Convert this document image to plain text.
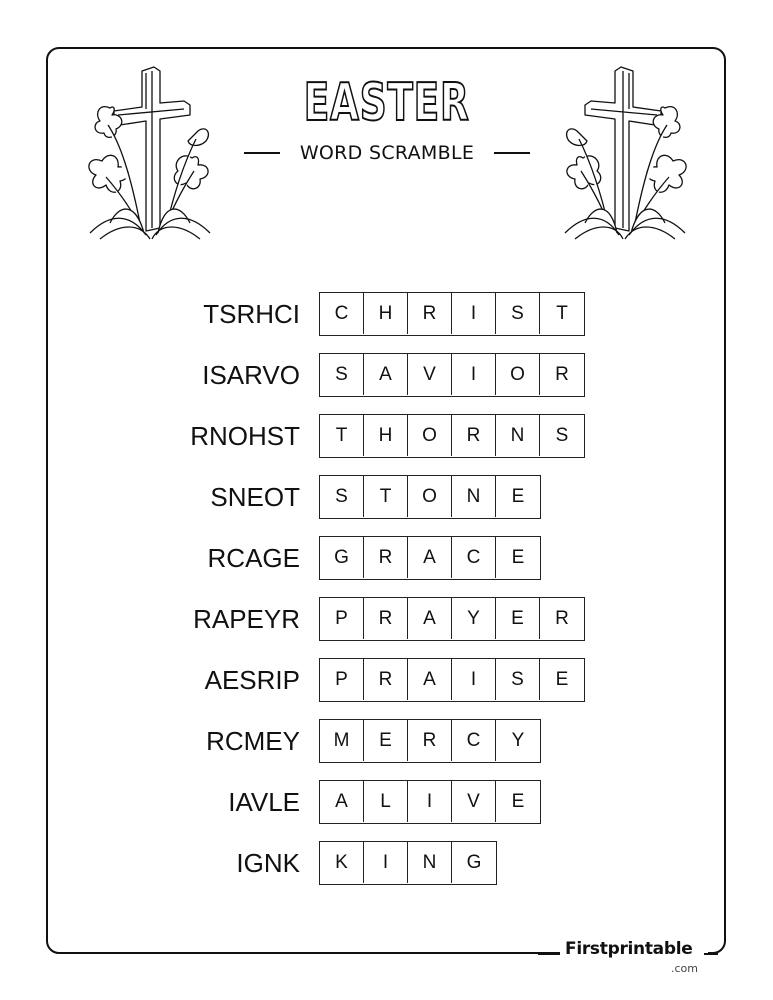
EASTER
WORD SCRAMBLE
TSRHCI	C	H	R	I	S	T
ISARVO	S	A	V	I	O	R
RNOHST	T	H	O	R	N	S
SNEOT	S	T	O	N	E
RCAGE	G	R	A	C	E
RAPEYR	P	R	A	Y	E	R
AESRIP	P	R	A	I	S	E
RCMEY	M	E	R	C	Y
IAVLE	A	L	I	V	E
IGNK	K	I	N	G
Firstprintable
.com
